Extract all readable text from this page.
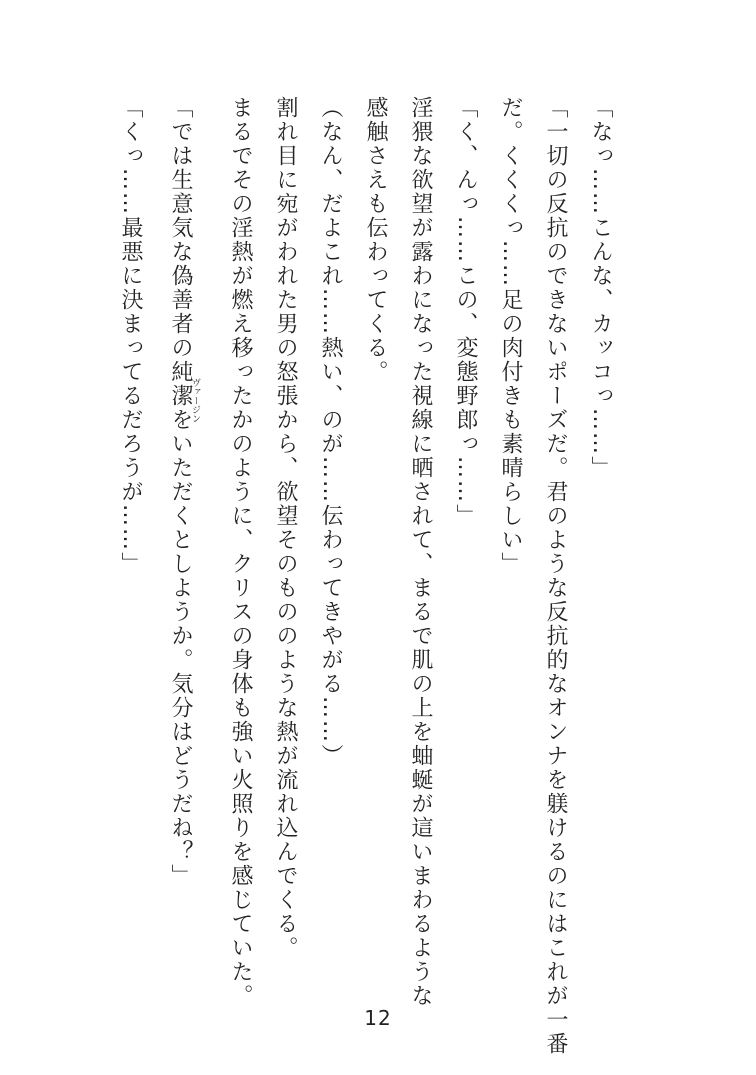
「なっ……こんな、カッコっ……」

「一切の反抗のできないポーズだ。君のような反抗的なオンナを躾けるのにはこれが一番

だ。くくくっ……足の肉付きも素晴らしい」

「く、んっ……この、変態野郎っ……」

淫猥な欲望が露わになった視線に晒されて、まるで肌の上を蚰蜒が這いまわるような

感触さえも伝わってくる。

（なん、だよこれ……熱い、のが……伝わってきやがる……）

割れ目に宛がわれた男の怒張から、欲望そのもののような熱が流れ込んでくる。

まるでその淫熱が燃え移ったかのように、クリスの身体も強い火照りを感じていた。

「では生意気な偽善者の純潔
ヴァージン
をいただくとしようか。気分はどうだね？」

「くっ……最悪に決まってるだろうが……」

12
